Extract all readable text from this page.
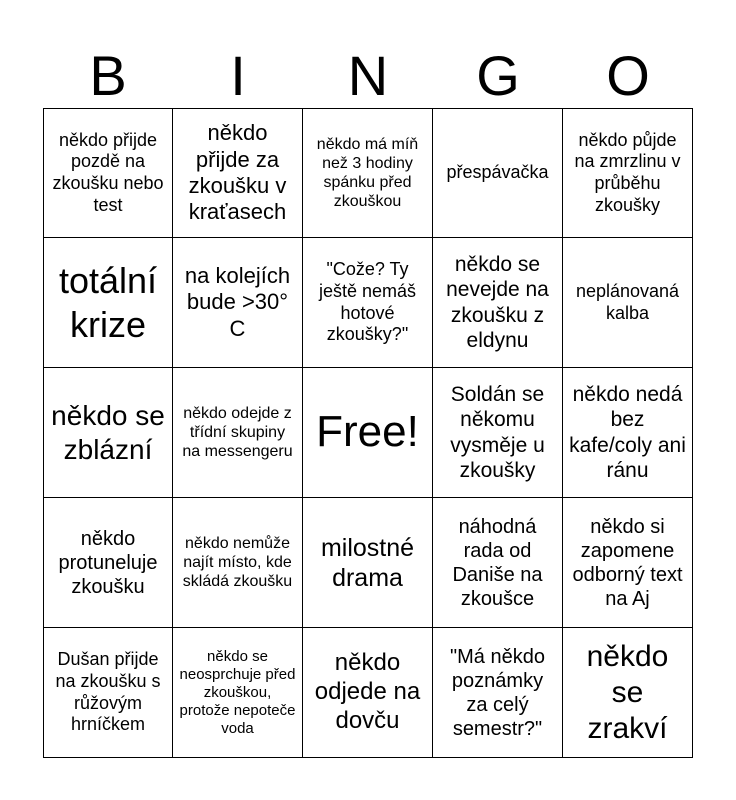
B	I	N	G	O
někdo přijde pozdě na zkoušku nebo test
někdo přijde za zkoušku v kraťasech
někdo má míň než 3 hodiny spánku před zkouškou
přespávačka
někdo půjde na zmrzlinu v průběhu zkoušky
totální krize
na kolejích bude >30° C
"Cože? Ty ještě nemáš hotové zkoušky?"
někdo se nevejde na zkoušku z eldynu
neplánovaná kalba
někdo se zblázní
někdo odejde z třídní skupiny na messengeru Free!
Soldán se někomu vysměje u zkoušky
někdo nedá bez kafe/coly ani ránu
někdo protuneluje zkoušku
někdo nemůže najít místo, kde skládá zkoušku
milostné drama
náhodná rada od Daniše na zkoušce
někdo si zapomene odborný text na Aj
Dušan přijde na zkoušku s růžovým hrníčkem
někdo se neosprchuje před zkouškou, protože nepoteče voda
někdo odjede na dovču
"Má někdo poznámky za celý semestr?"
někdo se zrakví
